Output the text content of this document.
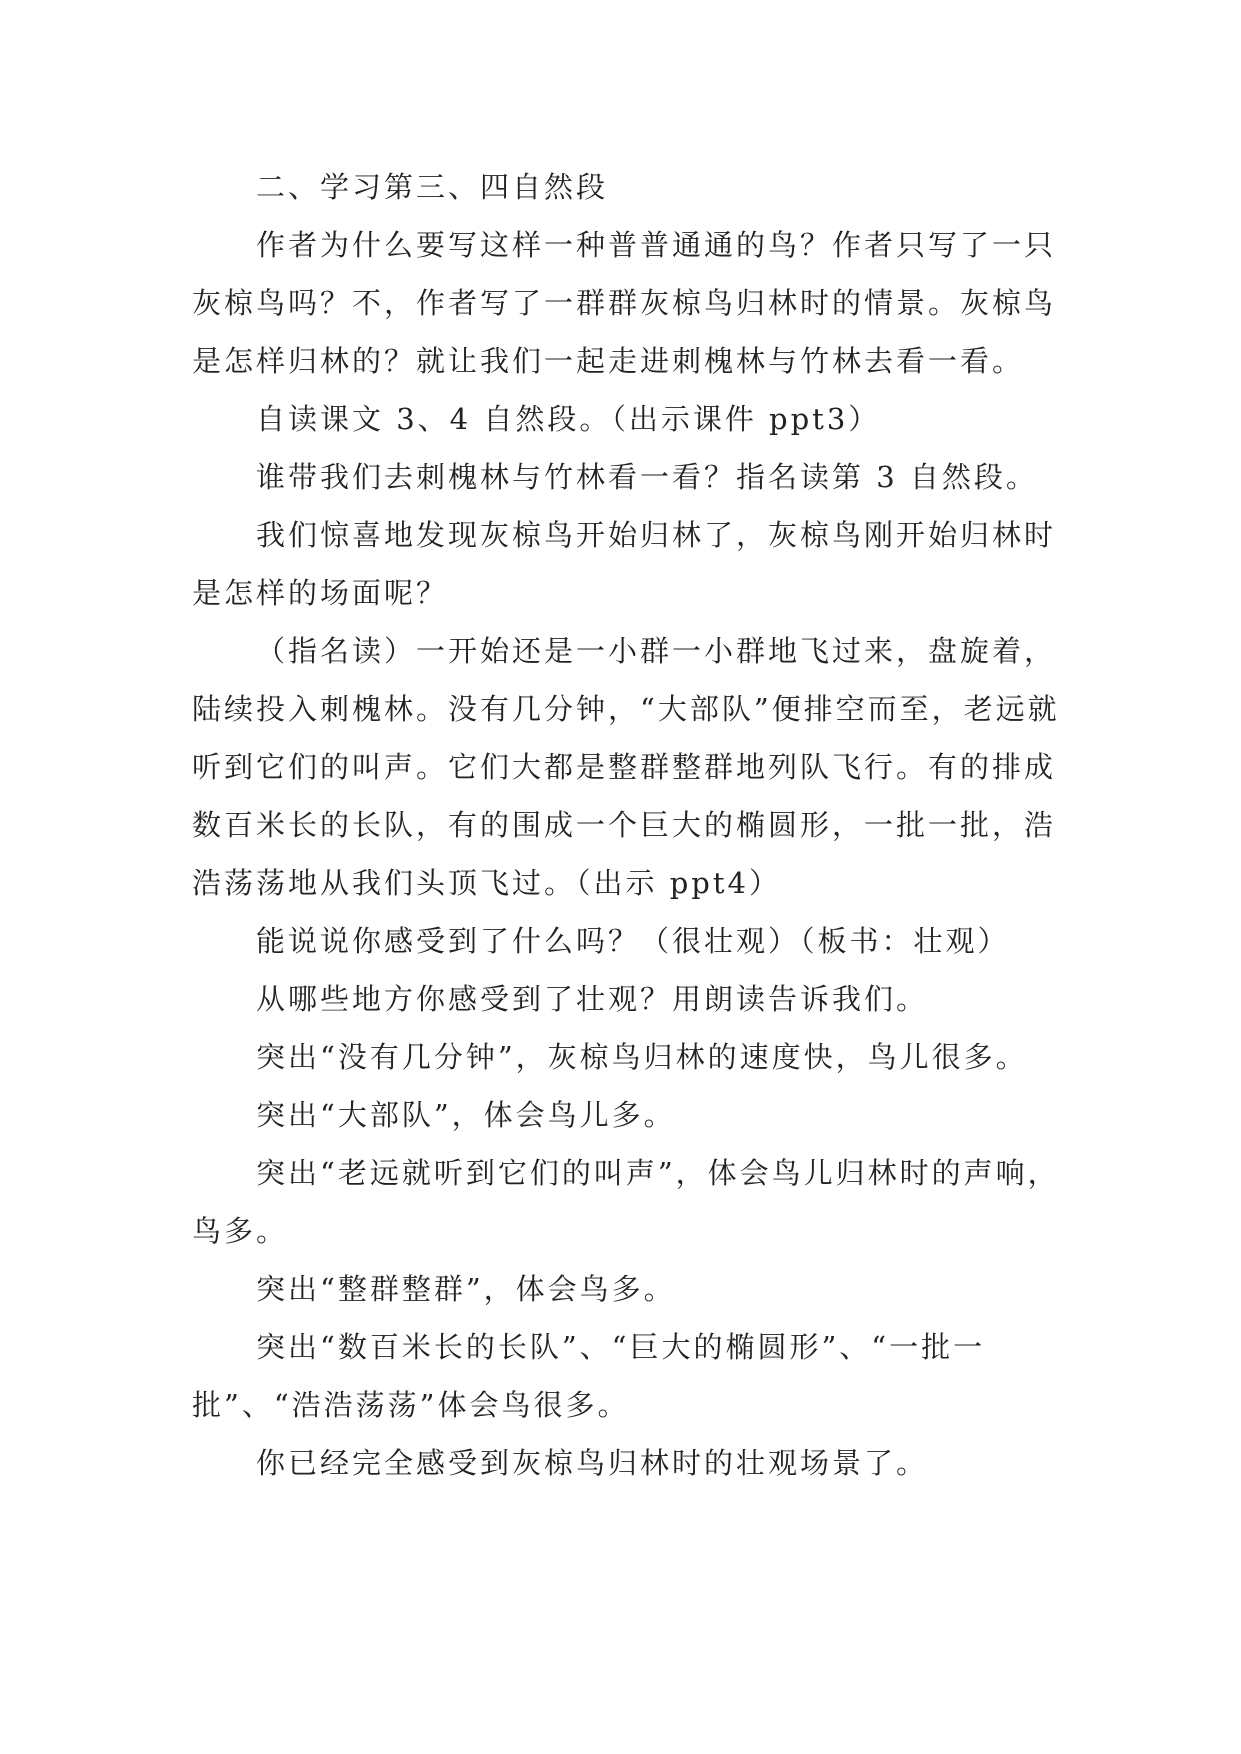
二、学习第三、四自然段

作者为什么要写这样一种普普通通的鸟？作者只写了一只灰椋鸟吗？不，作者写了一群群灰椋鸟归林时的情景。灰椋鸟是怎样归林的？就让我们一起走进刺槐林与竹林去看一看。

自读课文 3、4 自然段。（出示课件 ppt3）

谁带我们去刺槐林与竹林看一看？指名读第 3 自然段。

我们惊喜地发现灰椋鸟开始归林了，灰椋鸟刚开始归林时是怎样的场面呢？

（指名读）一开始还是一小群一小群地飞过来，盘旋着，陆续投入刺槐林。没有几分钟，“大部队”便排空而至，老远就听到它们的叫声。它们大都是整群整群地列队飞行。有的排成数百米长的长队，有的围成一个巨大的椭圆形，一批一批，浩浩荡荡地从我们头顶飞过。（出示 ppt4）

能说说你感受到了什么吗？（很壮观）（板书：壮观）

从哪些地方你感受到了壮观？用朗读告诉我们。

突出“没有几分钟”，灰椋鸟归林的速度快，鸟儿很多。

突出“大部队”，体会鸟儿多。

突出“老远就听到它们的叫声”，体会鸟儿归林时的声响，鸟多。

突出“整群整群”，体会鸟多。

突出“数百米长的长队”、“巨大的椭圆形”、“一批一批”、“浩浩荡荡”体会鸟很多。

你已经完全感受到灰椋鸟归林时的壮观场景了。
